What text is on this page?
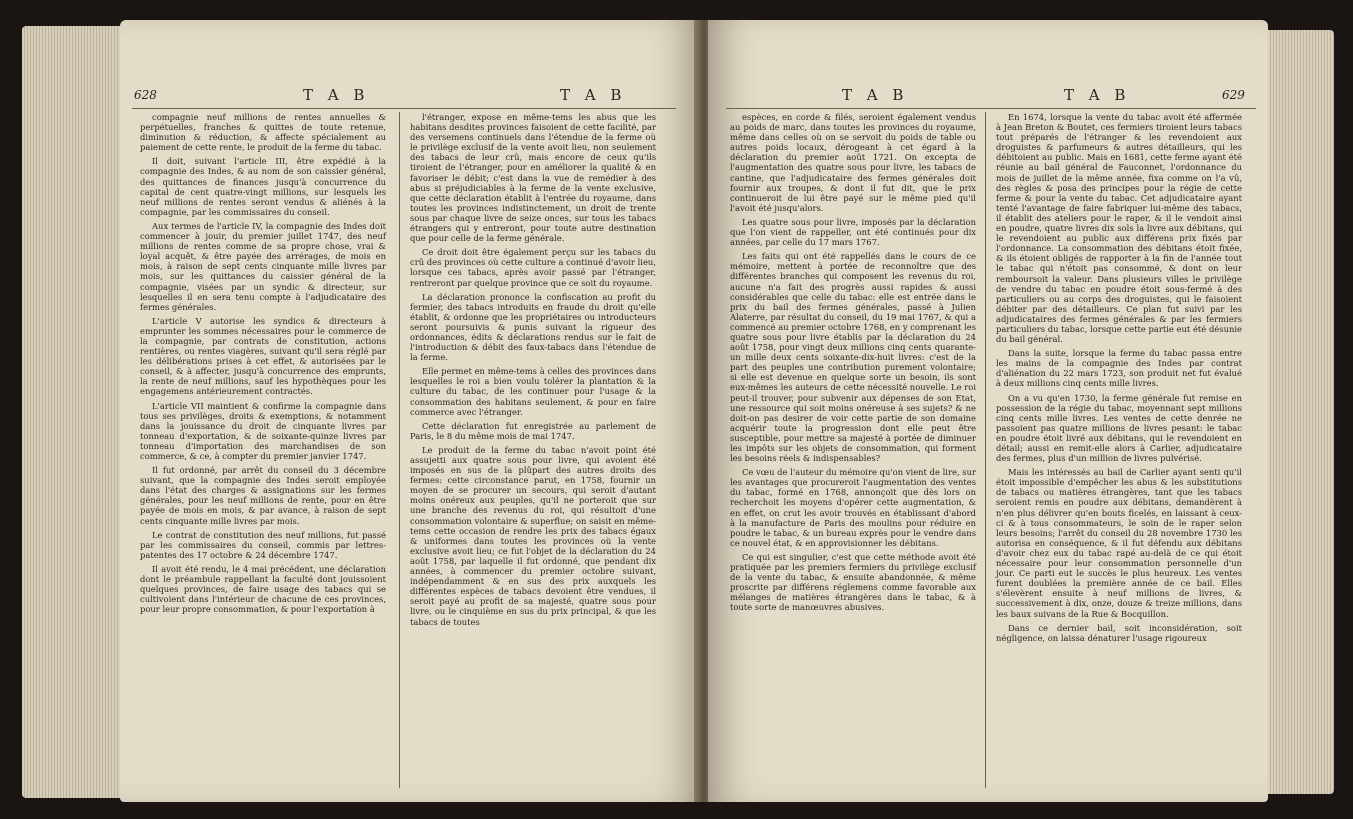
628	T A B	T A B

compagnie neuf millions de rentes annuelles & perpétuelles, franches & quittes de toute retenue, diminution & réduction, & affecte spécialement au paiement de cette rente, le produit de la ferme du tabac.

Il doit, suivant l'article III, être expédié à la compagnie des Indes, & au nom de son caissier général, des quittances de finances jusqu'à concurrence du capital de cent quatre-vingt millions, sur lesquels les neuf millions de rentes seront vendus & aliénés à la compagnie, par les commissaires du conseil.

Aux termes de l'article IV, la compagnie des Indes doit commencer à jouir, du premier juillet 1747, des neuf millions de rentes comme de sa propre chose, vrai & loyal acquêt, & être payée des arrérages, de mois en mois, à raison de sept cents cinquante mille livres par mois, sur les quittances du caissier général de la compagnie, visées par un syndic & directeur, sur lesquelles il en sera tenu compte à l'adjudicataire des fermes générales.

L'article V autorise les syndics & directeurs à emprunter les sommes nécessaires pour le commerce de la compagnie, par contrats de constitution, actions rentières, ou rentes viagères, suivant qu'il sera réglé par les délibérations prises à cet effet, & autorisées par le conseil, & à affecter, jusqu'à concurrence des emprunts, la rente de neuf millions, sauf les hypothèques pour les engagemens antérieurement contractés.

L'article VII maintient & confirme la compagnie dans tous ses privilèges, droits & exemptions, & notamment dans la jouissance du droit de cinquante livres par tonneau d'exportation, & de soixante-quinze livres par tonneau d'importation des marchandises de son commerce, & ce, à compter du premier janvier 1747.

Il fut ordonné, par arrêt du conseil du 3 décembre suivant, que la compagnie des Indes seroit employée dans l'état des charges & assignations sur les fermes générales, pour les neuf millions de rente, pour en être payée de mois en mois, & par avance, à raison de sept cents cinquante mille livres par mois.

Le contrat de constitution des neuf millions, fut passé par les commissaires du conseil, commis par lettres-patentes des 17 octobre & 24 décembre 1747.

Il avoit été rendu, le 4 mai précédent, une déclaration dont le préambule rappellant la faculté dont jouissoient quelques provinces, de faire usage des tabacs qui se cultivoient dans l'intérieur de chacune de ces provinces, pour leur propre consommation, & pour l'exportation à

l'étranger, expose en même-tems les abus que les habitans desdites provinces faisoient de cette facilité, par des versemens continuels dans l'étendue de la ferme où le privilège exclusif de la vente avoit lieu, non seulement des tabacs de leur crû, mais encore de ceux qu'ils tiroient de l'étranger, pour en améliorer la qualité & en favoriser le débit; c'est dans la vue de remédier à des abus si préjudiciables à la ferme de la vente exclusive, que cette déclaration établit à l'entrée du royaume, dans toutes les provinces indistinctement, un droit de trente sous par chaque livre de seize onces, sur tous les tabacs étrangers qui y entreront, pour toute autre destination que pour celle de la ferme générale.

Ce droit doit être également perçu sur les tabacs du crû des provinces où cette culture a continué d'avoir lieu, lorsque ces tabacs, après avoir passé par l'étranger, rentreront par quelque province que ce soit du royaume.

La déclaration prononce la confiscation au profit du fermier, des tabacs introduits en fraude du droit qu'elle établit, & ordonne que les propriétaires ou introducteurs seront poursuivis & punis suivant la rigueur des ordonnances, édits & déclarations rendus sur le fait de l'introduction & débit des faux-tabacs dans l'étendue de la ferme.

Elle permet en même-tems à celles des provinces dans lesquelles le roi a bien voulu tolérer la plantation & la culture du tabac, de les continuer pour l'usage & la consommation des habitans seulement, & pour en faire commerce avec l'étranger.

Cette déclaration fut enregistrée au parlement de Paris, le 8 du même mois de mai 1747.

Le produit de la ferme du tabac n'avoit point été assujetti aux quatre sous pour livre, qui avoient été imposés en sus de la plûpart des autres droits des fermes: cette circonstance parut, en 1758, fournir un moyen de se procurer un secours, qui seroit d'autant moins onéreux aux peuples, qu'il ne porteroit que sur une branche des revenus du roi, qui résultoit d'une consommation volontaire & superflue; on saisit en même-tems cette occasion de rendre les prix des tabacs égaux & uniformes dans toutes les provinces où la vente exclusive avoit lieu; ce fut l'objet de la déclaration du 24 août 1758, par laquelle il fut ordonné, que pendant dix années, à commencer du premier octobre suivant, indépendamment & en sus des prix auxquels les différentes espèces de tabacs devoient être vendues, il seroit payé au profit de sa majesté, quatre sous pour livre, ou le cinquième en sus du prix principal, & que les tabacs de toutes

T A B	T A B	629

espèces, en corde & filés, seroient également vendus au poids de marc, dans toutes les provinces du royaume, même dans celles où on se servoit du poids de table ou autres poids locaux, dérogeant à cet égard à la déclaration du premier août 1721. On excepta de l'augmentation des quatre sous pour livre, les tabacs de cantine, que l'adjudicataire des fermes générales doit fournir aux troupes, & dont il fut dit, que le prix continueroit de lui être payé sur le même pied qu'il l'avoit été jusqu'alors.

Les quatre sous pour livre, imposés par la déclaration que l'on vient de rappeller, ont été continués pour dix années, par celle du 17 mars 1767.

Les faits qui ont été rappellés dans le cours de ce mémoire, mettent à portée de reconnoître que des différentes branches qui composent les revenus du roi, aucune n'a fait des progrès aussi rapides & aussi considérables que celle du tabac: elle est entrée dans le prix du bail des fermes générales, passé à Julien Alaterre, par résultat du conseil, du 19 mai 1767, & qui a commencé au premier octobre 1768, en y comprenant les quatre sous pour livre établis par la déclaration du 24 août 1758, pour vingt deux millions cinq cents quarante-un mille deux cents soixante-dix-huit livres: c'est de la part des peuples une contribution purement volontaire; si elle est devenue en quelque sorte un besoin, ils sont eux-mêmes les auteurs de cette nécessité nouvelle. Le roi peut-il trouver, pour subvenir aux dépenses de son Etat, une ressource qui soit moins onéreuse à ses sujets? & ne doit-on pas desirer de voir cette partie de son domaine acquérir toute la progression dont elle peut être susceptible, pour mettre sa majesté à portée de diminuer les impôts sur les objets de consommation, qui forment les besoins réels & indispensables?

Ce vœu de l'auteur du mémoire qu'on vient de lire, sur les avantages que procureroit l'augmentation des ventes du tabac, formé en 1768, annonçoit que dès lors on recherchoit les moyens d'opérer cette augmentation, & en effet, on crut les avoir trouvés en établissant d'abord à la manufacture de Paris des moulins pour réduire en poudre le tabac, & un bureau exprès pour le vendre dans ce nouvel état, & en approvisionner les débitans.

Ce qui est singulier, c'est que cette méthode avoit été pratiquée par les premiers fermiers du privilège exclusif de la vente du tabac, & ensuite abandonnée, & même proscrite par différens réglemens comme favorable aux mélanges de matières étrangères dans le tabac, & à toute sorte de manœuvres abusives.

En 1674, lorsque la vente du tabac avoit été affermée à Jean Breton & Boutet, ces fermiers tiroient leurs tabacs tout préparés de l'étranger & les revendoient aux droguistes & parfumeurs & autres détailleurs, qui les débitoient au public. Mais en 1681, cette ferme ayant été réunie au bail général de Fauconnet, l'ordonnance du mois de juillet de la même année, fixa comme on l'a vû, des règles & posa des principes pour la régie de cette ferme & pour la vente du tabac. Cet adjudicataire ayant tenté l'avantage de faire fabriquer lui-même des tabacs, il établit des ateliers pour le raper, & il le vendoit ainsi en poudre, quatre livres dix sols la livre aux débitans, qui le revendoient au public aux différens prix fixés par l'ordonnance. La consommation des débitans étoit fixée, & ils étoient obligés de rapporter à la fin de l'année tout le tabac qui n'étoit pas consommé, & dont on leur remboursoit la valeur. Dans plusieurs villes le privilège de vendre du tabac en poudre étoit sous-fermé à des particuliers ou au corps des droguistes, qui le faisoient débiter par des détailleurs. Ce plan fut suivi par les adjudicataires des fermes générales & par les fermiers particuliers du tabac, lorsque cette partie eut été désunie du bail général.

Dans la suite, lorsque la ferme du tabac passa entre les mains de la compagnie des Indes par contrat d'aliénation du 22 mars 1723, son produit net fut évalué à deux millions cinq cents mille livres.

On a vu qu'en 1730, la ferme générale fut remise en possession de la régie du tabac, moyennant sept millions cinq cents mille livres. Les ventes de cette denrée ne passoient pas quatre millions de livres pesant: le tabac en poudre étoit livré aux débitans, qui le revendoient en détail; aussi en remit-elle alors à Carlier, adjudicataire des fermes, plus d'un million de livres pulvérisé.

Mais les intéressés au bail de Carlier ayant senti qu'il étoit impossible d'empêcher les abus & les substitutions de tabacs ou matières étrangères, tant que les tabacs seroient remis en poudre aux débitans, demandèrent à n'en plus délivrer qu'en bouts ficelés, en laissant à ceux-ci & à tous consommateurs, le soin de le raper selon leurs besoins; l'arrêt du conseil du 28 novembre 1730 les autorisa en conséquence, & il fut défendu aux débitans d'avoir chez eux du tabac rapé au-delà de ce qui étoit nécessaire pour leur consommation personnelle d'un jour. Ce parti eut le succès le plus heureux. Les ventes furent doublées la première année de ce bail. Elles s'élevèrent ensuite à neuf millions de livres, & successivement à dix, onze, douze & treize millions, dans les baux suivans de la Rue & Bocquillon.

Dans ce dernier bail, soit inconsidération, soit négligence, on laissa dénaturer l'usage rigoureux
